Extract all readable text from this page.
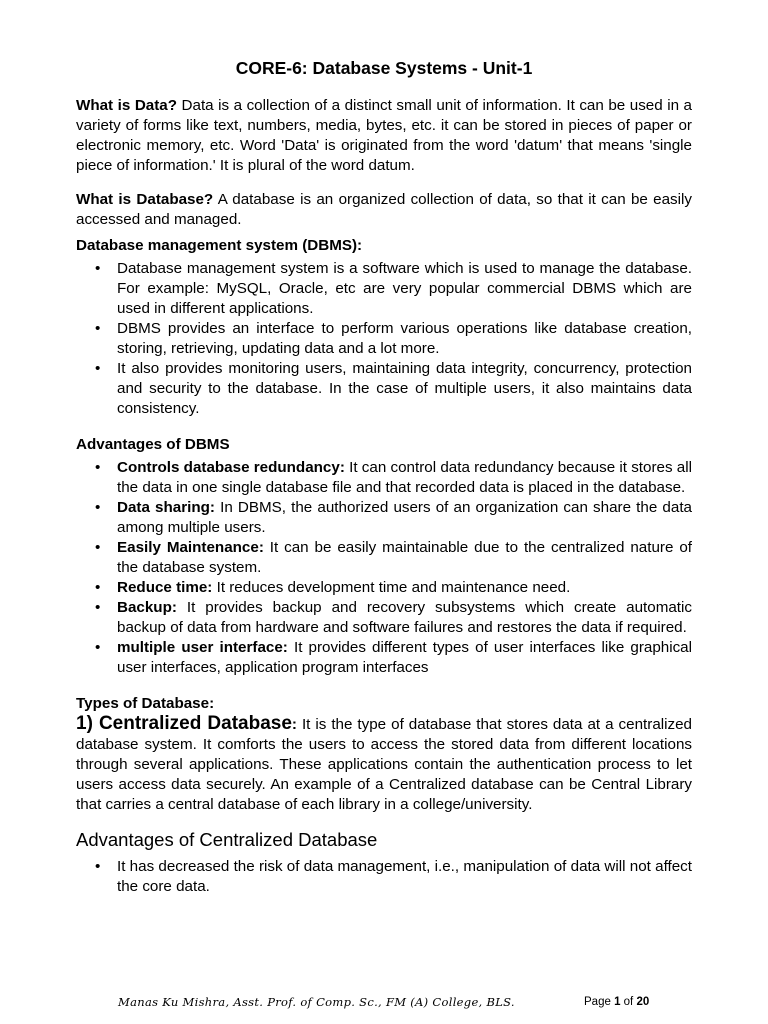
CORE-6: Database Systems - Unit-1

What is Data? Data is a collection of a distinct small unit of information. It can be used in a variety of forms like text, numbers, media, bytes, etc. it can be stored in pieces of paper or electronic memory, etc. Word 'Data' is originated from the word 'datum' that means 'single piece of information.' It is plural of the word datum.

What is Database? A database is an organized collection of data, so that it can be easily accessed and managed.

Database management system (DBMS):
• Database management system is a software which is used to manage the database. For example: MySQL, Oracle, etc are very popular commercial DBMS which are used in different applications.
• DBMS provides an interface to perform various operations like database creation, storing, retrieving, updating data and a lot more.
• It also provides monitoring users, maintaining data integrity, concurrency, protection and security to the database. In the case of multiple users, it also maintains data consistency.
Advantages of DBMS
• Controls database redundancy: It can control data redundancy because it stores all the data in one single database file and that recorded data is placed in the database.
• Data sharing: In DBMS, the authorized users of an organization can share the data among multiple users.
• Easily Maintenance: It can be easily maintainable due to the centralized nature of the database system.
• Reduce time: It reduces development time and maintenance need.
• Backup: It provides backup and recovery subsystems which create automatic backup of data from hardware and software failures and restores the data if required.
• multiple user interface: It provides different types of user interfaces like graphical user interfaces, application program interfaces
Types of Database:

1) Centralized Database: It is the type of database that stores data at a centralized database system. It comforts the users to access the stored data from different locations through several applications. These applications contain the authentication process to let users access data securely. An example of a Centralized database can be Central Library that carries a central database of each library in a college/university.

Advantages of Centralized Database
• It has decreased the risk of data management, i.e., manipulation of data will not affect the core data.
Manas Ku Mishra, Asst. Prof. of Comp. Sc., FM (A) College, BLS.	Page 1 of 20
